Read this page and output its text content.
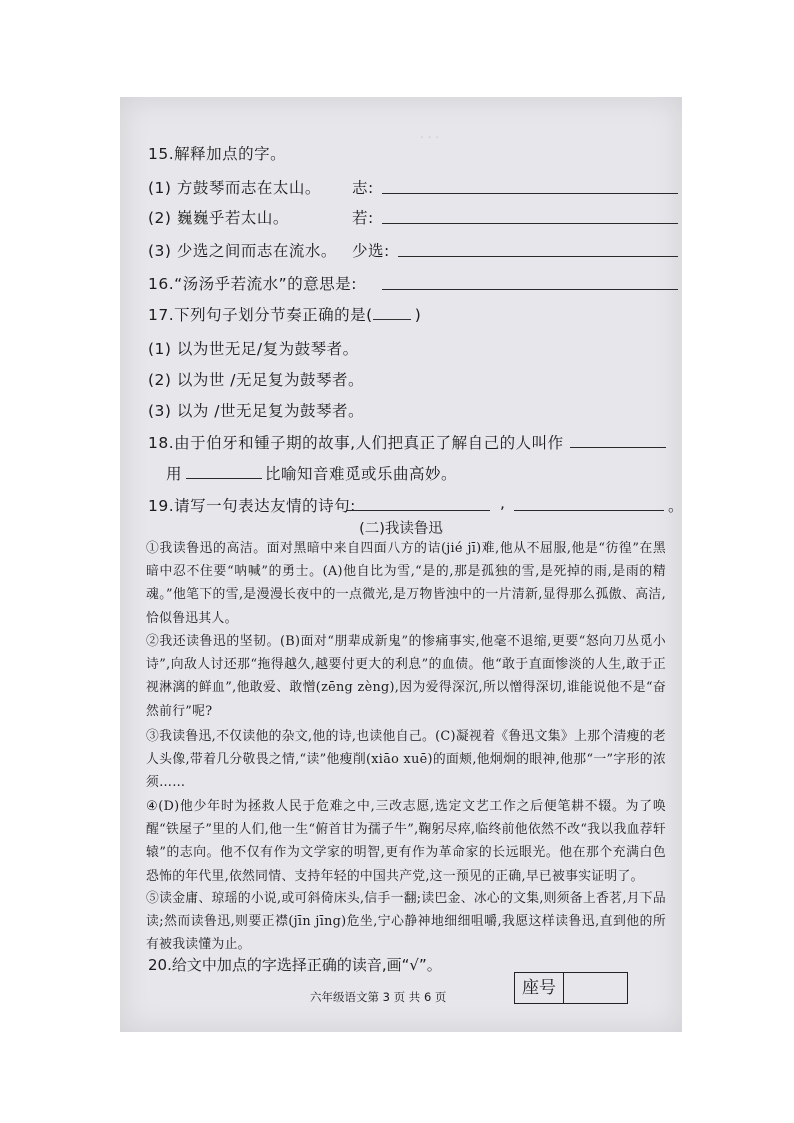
. . .
15.解释加点的字。
(1) 方鼓琴而志在太山。 志:
(2) 巍巍乎若太山。	若:
(3) 少选之间而志在流水。 少选:
16.“汤汤乎若流水”的意思是:
17.下列句子划分节奏正确的是(	)
(1) 以为世无足/复为鼓琴者。
(2) 以为世 /无足复为鼓琴者。
(3) 以为 /世无足复为鼓琴者。
18.由于伯牙和锺子期的故事,人们把真正了解自己的人叫作
用	比喻知音难觅或乐曲高妙。
19.请写一句表达友情的诗句:	,	。
(二)我读鲁迅
①我读鲁迅的高洁。面对黑暗中来自四面八方的诘(jié jī)难,他从不屈服,他是“彷徨”在黑暗中忍不住要“呐喊”的勇士。(A)他自比为雪,“是的,那是孤独的雪,是死掉的雨,是雨的精魂。”他笔下的雪,是漫漫长夜中的一点微光,是万物皆浊中的一片清新,显得那么孤傲、高洁,恰似鲁迅其人。
②我还读鲁迅的坚韧。(B)面对“朋辈成新鬼”的惨痛事实,他毫不退缩,更要“怒向刀丛觅小诗”,向敌人讨还那“拖得越久,越要付更大的利息”的血债。他“敢于直面惨淡的人生,敢于正视淋漓的鲜血”,他敢爱、敢憎(zēng zèng),因为爱得深沉,所以憎得深切,谁能说他不是“奋然前行”呢?
③我读鲁迅,不仅读他的杂文,他的诗,也读他自己。(C)凝视着《鲁迅文集》上那个清瘦的老人头像,带着几分敬畏之情,“读”他瘦削(xiāo xuē)的面颊,他炯炯的眼神,他那“一”字形的浓须……
④(D)他少年时为拯救人民于危难之中,三改志愿,选定文艺工作之后便笔耕不辍。为了唤醒“铁屋子”里的人们,他一生“俯首甘为孺子牛”,鞠躬尽瘁,临终前他依然不改“我以我血荐轩辕”的志向。他不仅有作为文学家的明智,更有作为革命家的长远眼光。他在那个充满白色恐怖的年代里,依然同情、支持年轻的中国共产党,这一预见的正确,早已被事实证明了。
⑤读金庸、琼瑶的小说,或可斜倚床头,信手一翻;读巴金、冰心的文集,则须备上香茗,月下品读;然而读鲁迅,则要正襟(jīn jīng)危坐,宁心静神地细细咀嚼,我愿这样读鲁迅,直到他的所有被我读懂为止。
20.给文中加点的字选择正确的读音,画“√”。
六年级语文第 3 页 共 6 页	座号
